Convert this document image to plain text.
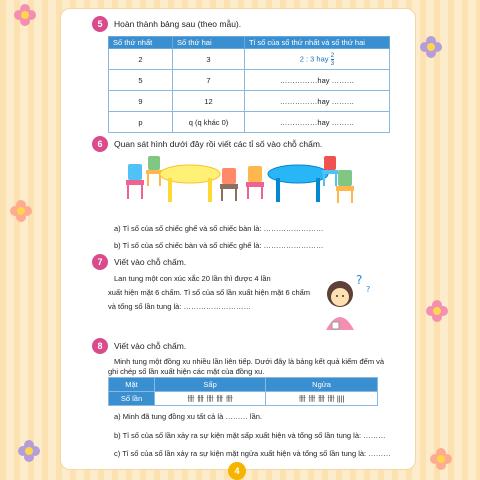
5	Hoàn thành bảng sau (theo mẫu).
Số thứ nhất	Số thứ hai	Tỉ số của số thứ nhất và số thứ hai
2	3	2 : 3 hay $\frac{2}{3}$

5	7	……………hay ………
9	12	……………hay ………
p	q (q khác 0)	……………hay ………
6	Quan sát hình dưới đây rồi viết các tỉ số vào chỗ chấm.
a) Tỉ số của số chiếc ghế và số chiếc bàn là: ……………………
b) Tỉ số của số chiếc bàn và số chiếc ghế là: ……………………
7	Viết vào chỗ chấm.
Lan tung một con xúc xắc 20 lần thì được 4 lần
xuất hiện mặt 6 chấm. Tỉ số của số lần xuất hiện mặt 6 chấm
và tổng số lần tung là: ………………………
?
?
8	Viết vào chỗ chấm.
Minh tung một đồng xu nhiều lần liên tiếp. Dưới đây là bảng kết quả kiểm đếm và
ghi chép số lần xuất hiện các mặt của đồng xu.
Mặt	Sấp	Ngửa
Số lần	卌 卌 卌 卌 卌	卌 卌 卌 卌 ||||
a) Minh đã tung đồng xu tất cả là ……… lần.
b) Tỉ số của số lần xảy ra sự kiện mặt sấp xuất hiện và tổng số lần tung là: ………
c) Tỉ số của số lần xảy ra sự kiện mặt ngửa xuất hiện và tổng số lần tung là: ………
4
